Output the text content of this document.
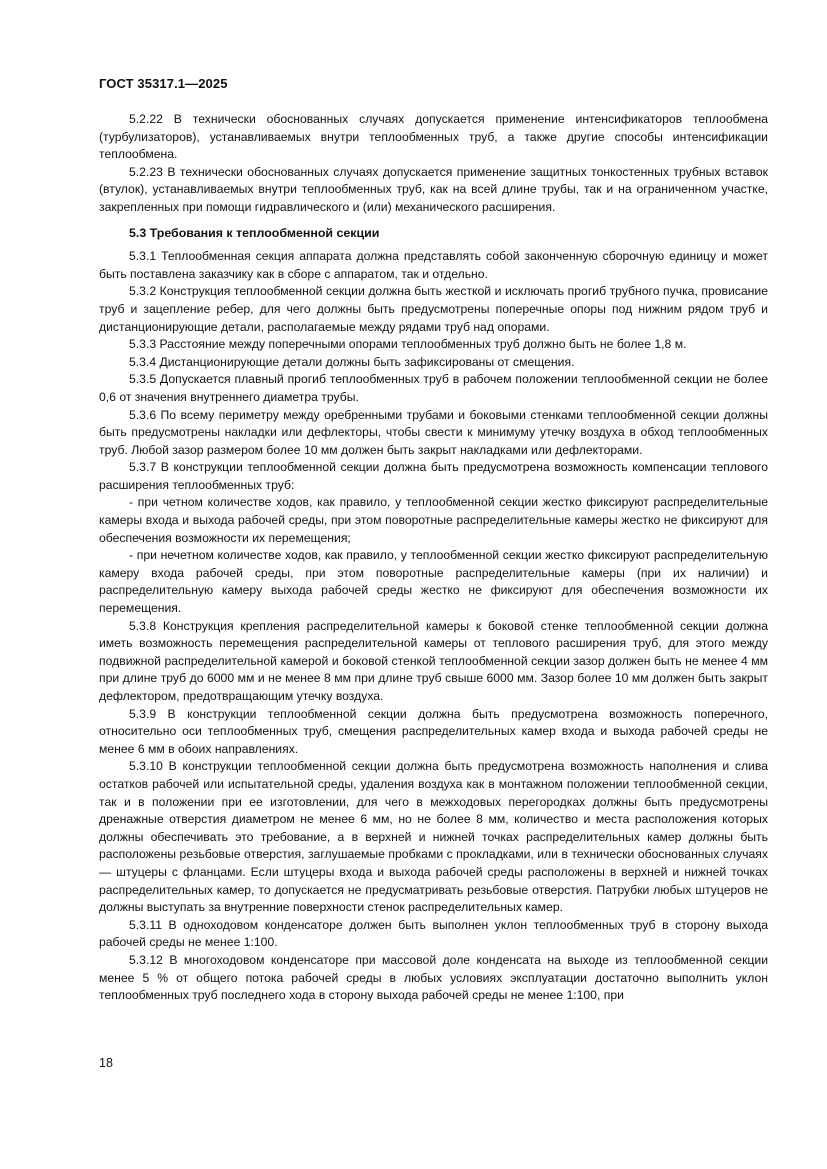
ГОСТ 35317.1—2025

5.2.22 В технически обоснованных случаях допускается применение интенсификаторов теплообмена (турбулизаторов), устанавливаемых внутри теплообменных труб, а также другие способы интенсификации теплообмена.

5.2.23 В технически обоснованных случаях допускается применение защитных тонкостенных трубных вставок (втулок), устанавливаемых внутри теплообменных труб, как на всей длине трубы, так и на ограниченном участке, закрепленных при помощи гидравлического и (или) механического расширения.

5.3 Требования к теплообменной секции

5.3.1 Теплообменная секция аппарата должна представлять собой законченную сборочную единицу и может быть поставлена заказчику как в сборе с аппаратом, так и отдельно.

5.3.2 Конструкция теплообменной секции должна быть жесткой и исключать прогиб трубного пучка, провисание труб и зацепление ребер, для чего должны быть предусмотрены поперечные опоры под нижним рядом труб и дистанционирующие детали, располагаемые между рядами труб над опорами.

5.3.3 Расстояние между поперечными опорами теплообменных труб должно быть не более 1,8 м.

5.3.4 Дистанционирующие детали должны быть зафиксированы от смещения.

5.3.5 Допускается плавный прогиб теплообменных труб в рабочем положении теплообменной секции не более 0,6 от значения внутреннего диаметра трубы.

5.3.6 По всему периметру между оребренными трубами и боковыми стенками теплообменной секции должны быть предусмотрены накладки или дефлекторы, чтобы свести к минимуму утечку воздуха в обход теплообменных труб. Любой зазор размером более 10 мм должен быть закрыт накладками или дефлекторами.

5.3.7 В конструкции теплообменной секции должна быть предусмотрена возможность компенсации теплового расширения теплообменных труб:

- при четном количестве ходов, как правило, у теплообменной секции жестко фиксируют распределительные камеры входа и выхода рабочей среды, при этом поворотные распределительные камеры жестко не фиксируют для обеспечения возможности их перемещения;

- при нечетном количестве ходов, как правило, у теплообменной секции жестко фиксируют распределительную камеру входа рабочей среды, при этом поворотные распределительные камеры (при их наличии) и распределительную камеру выхода рабочей среды жестко не фиксируют для обеспечения возможности их перемещения.

5.3.8 Конструкция крепления распределительной камеры к боковой стенке теплообменной секции должна иметь возможность перемещения распределительной камеры от теплового расширения труб, для этого между подвижной распределительной камерой и боковой стенкой теплообменной секции зазор должен быть не менее 4 мм при длине труб до 6000 мм и не менее 8 мм при длине труб свыше 6000 мм. Зазор более 10 мм должен быть закрыт дефлектором, предотвращающим утечку воздуха.

5.3.9 В конструкции теплообменной секции должна быть предусмотрена возможность поперечного, относительно оси теплообменных труб, смещения распределительных камер входа и выхода рабочей среды не менее 6 мм в обоих направлениях.

5.3.10 В конструкции теплообменной секции должна быть предусмотрена возможность наполнения и слива остатков рабочей или испытательной среды, удаления воздуха как в монтажном положении теплообменной секции, так и в положении при ее изготовлении, для чего в межходовых перегородках должны быть предусмотрены дренажные отверстия диаметром не менее 6 мм, но не более 8 мм, количество и места расположения которых должны обеспечивать это требование, а в верхней и нижней точках распределительных камер должны быть расположены резьбовые отверстия, заглушаемые пробками с прокладками, или в технически обоснованных случаях — штуцеры с фланцами. Если штуцеры входа и выхода рабочей среды расположены в верхней и нижней точках распределительных камер, то допускается не предусматривать резьбовые отверстия. Патрубки любых штуцеров не должны выступать за внутренние поверхности стенок распределительных камер.

5.3.11 В одноходовом конденсаторе должен быть выполнен уклон теплообменных труб в сторону выхода рабочей среды не менее 1:100.

5.3.12 В многоходовом конденсаторе при массовой доле конденсата на выходе из теплообменной секции менее 5 % от общего потока рабочей среды в любых условиях эксплуатации достаточно выполнить уклон теплообменных труб последнего хода в сторону выхода рабочей среды не менее 1:100, при

18
